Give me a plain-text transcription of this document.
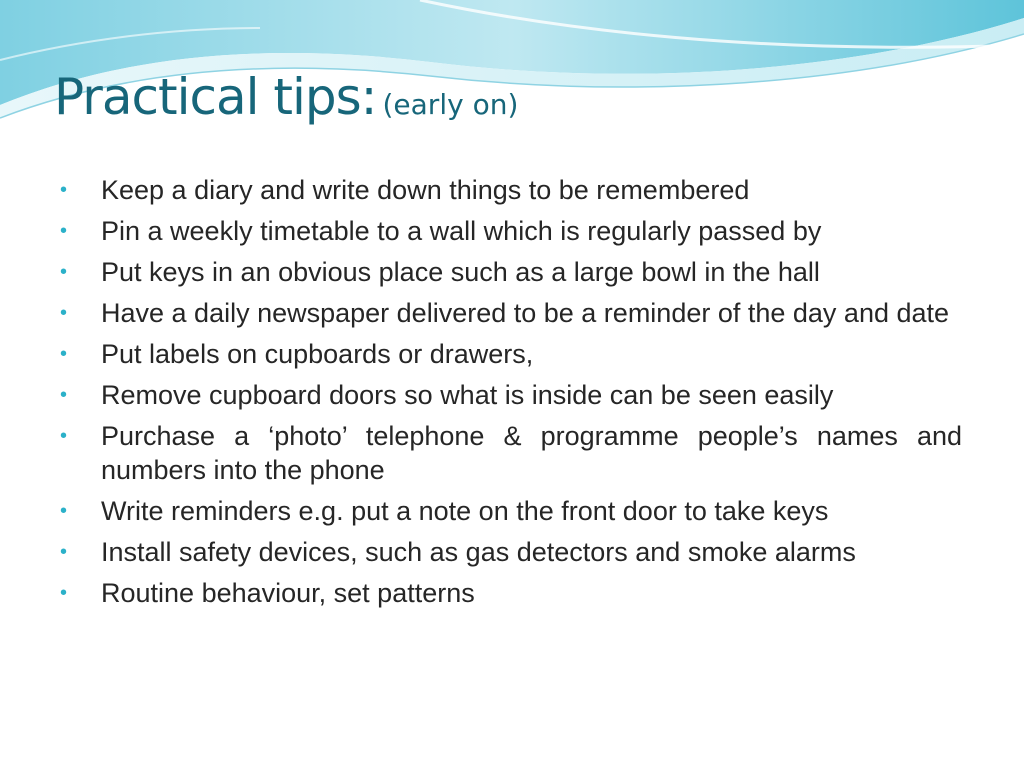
Practical tips: (early on)
• Keep a diary and write down things to be remembered
• Pin a weekly timetable to a wall which is regularly passed by
• Put keys in an obvious place such as a large bowl in the hall
• Have a daily newspaper delivered to be a reminder of the day and date
• Put labels on cupboards or drawers,
• Remove cupboard doors so what is inside can be seen easily
• Purchase a ‘photo’ telephone & programme people’s names and numbers into the phone
• Write reminders e.g. put a note on the front door to take keys
• Install safety devices, such as gas detectors and smoke alarms
• Routine behaviour, set patterns
